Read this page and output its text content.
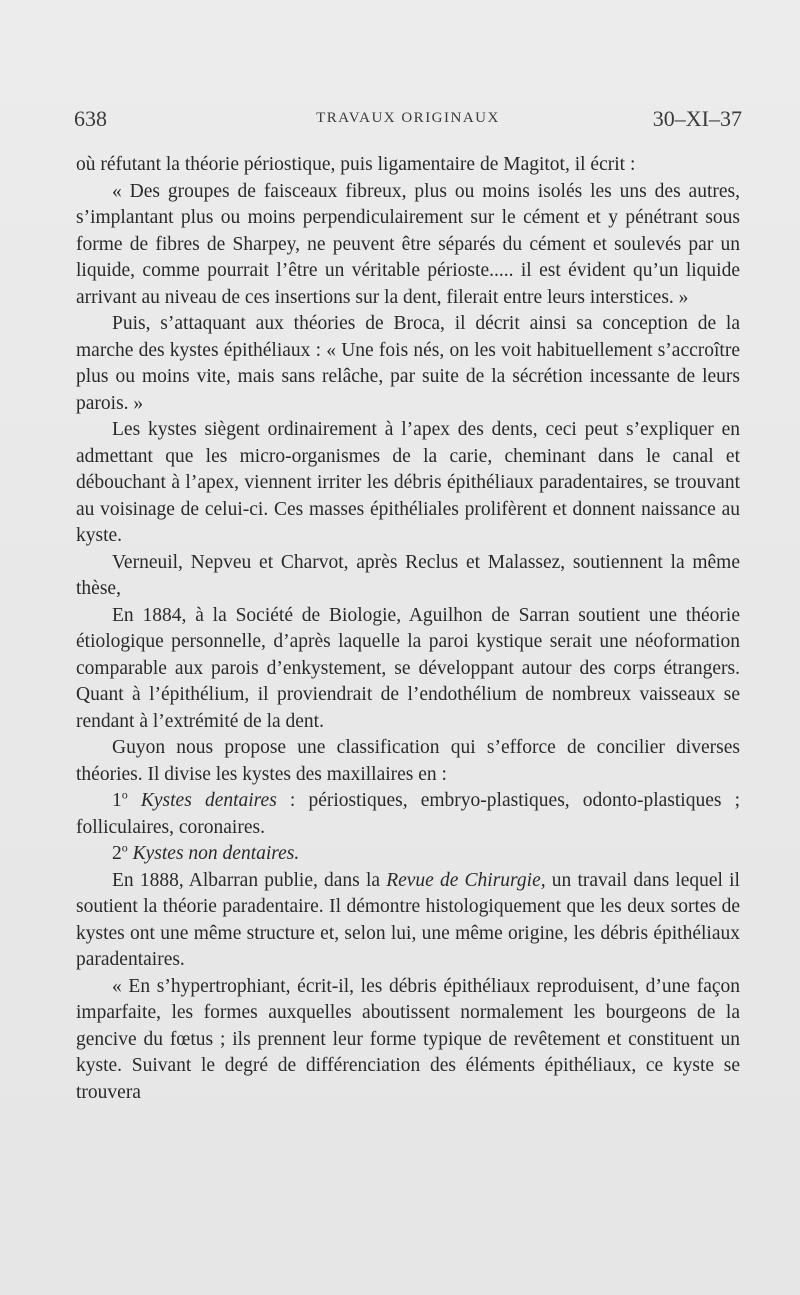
638	TRAVAUX ORIGINAUX	30–XI–37

où réfutant la théorie périostique, puis ligamentaire de Magitot, il écrit :

« Des groupes de faisceaux fibreux, plus ou moins isolés les uns des autres, s’implantant plus ou moins perpendiculairement sur le cément et y pénétrant sous forme de fibres de Sharpey, ne peuvent être séparés du cément et soulevés par un liquide, comme pourrait l’être un véritable périoste..... il est évident qu’un liquide arrivant au niveau de ces insertions sur la dent, filerait entre leurs interstices. »

Puis, s’attaquant aux théories de Broca, il décrit ainsi sa conception de la marche des kystes épithéliaux : « Une fois nés, on les voit habituellement s’accroître plus ou moins vite, mais sans relâche, par suite de la sécrétion incessante de leurs parois. »

Les kystes siègent ordinairement à l’apex des dents, ceci peut s’expliquer en admettant que les micro-organismes de la carie, cheminant dans le canal et débouchant à l’apex, viennent irriter les débris épithéliaux paradentaires, se trouvant au voisinage de celui-ci. Ces masses épithéliales prolifèrent et donnent naissance au kyste.

Verneuil, Nepveu et Charvot, après Reclus et Malassez, soutiennent la même thèse,

En 1884, à la Société de Biologie, Aguilhon de Sarran soutient une théorie étiologique personnelle, d’après laquelle la paroi kystique serait une néoformation comparable aux parois d’enkystement, se développant autour des corps étrangers. Quant à l’épithélium, il proviendrait de l’endothélium de nombreux vaisseaux se rendant à l’extrémité de la dent.

Guyon nous propose une classification qui s’efforce de concilier diverses théories. Il divise les kystes des maxillaires en :

1$^o$ Kystes dentaires : périostiques, embryo-plastiques, odonto-plastiques ; folliculaires, coronaires.

2$^o$ Kystes non dentaires.

En 1888, Albarran publie, dans la Revue de Chirurgie, un travail dans lequel il soutient la théorie paradentaire. Il démontre histologiquement que les deux sortes de kystes ont une même structure et, selon lui, une même origine, les débris épithéliaux paradentaires.

« En s’hypertrophiant, écrit-il, les débris épithéliaux reproduisent, d’une façon imparfaite, les formes auxquelles aboutissent normalement les bourgeons de la gencive du fœtus ; ils prennent leur forme typique de revêtement et constituent un kyste. Suivant le degré de différenciation des éléments épithéliaux, ce kyste se trouvera
